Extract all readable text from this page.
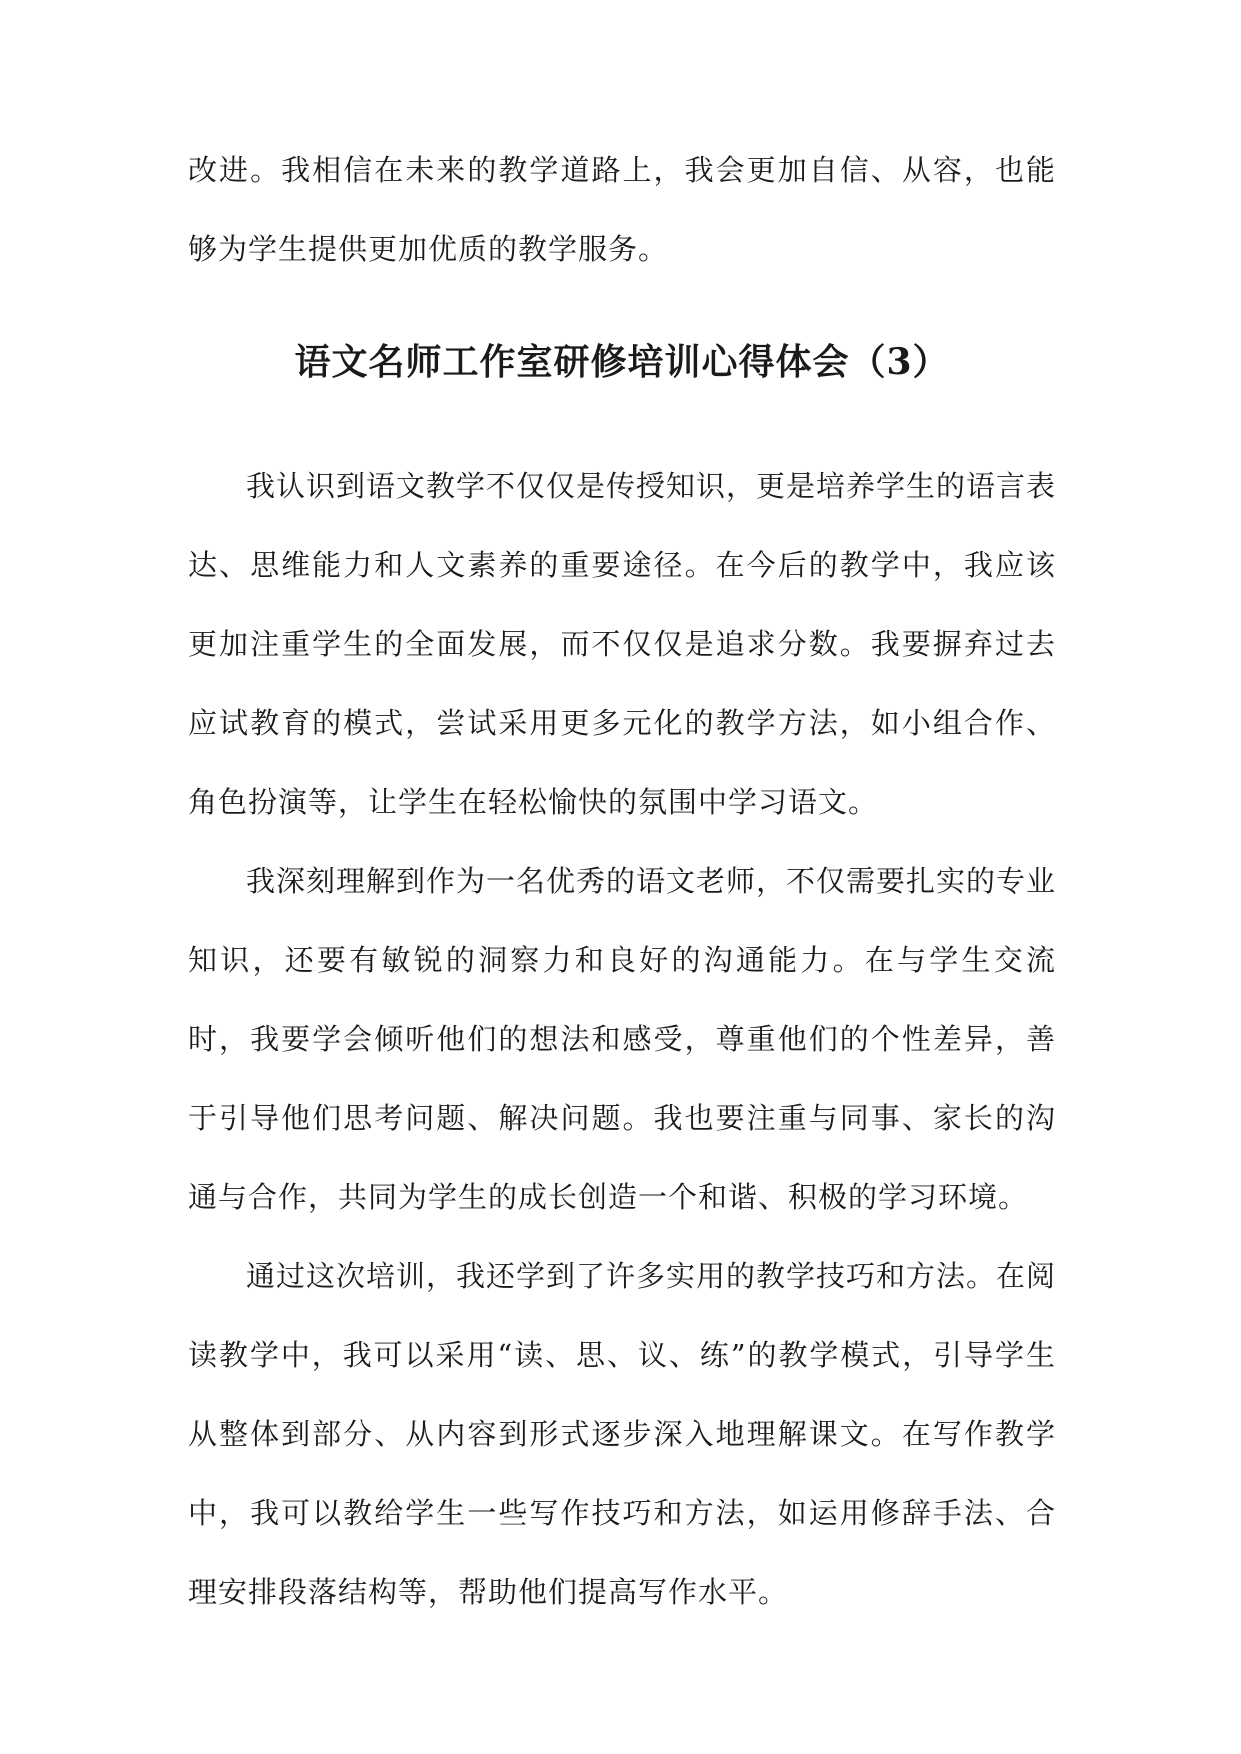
改进。我相信在未来的教学道路上，我会更加自信、从容，也能够为学生提供更加优质的教学服务。

语文名师工作室研修培训心得体会（3）

我认识到语文教学不仅仅是传授知识，更是培养学生的语言表达、思维能力和人文素养的重要途径。在今后的教学中，我应该更加注重学生的全面发展，而不仅仅是追求分数。我要摒弃过去应试教育的模式，尝试采用更多元化的教学方法，如小组合作、角色扮演等，让学生在轻松愉快的氛围中学习语文。

我深刻理解到作为一名优秀的语文老师，不仅需要扎实的专业知识，还要有敏锐的洞察力和良好的沟通能力。在与学生交流时，我要学会倾听他们的想法和感受，尊重他们的个性差异，善于引导他们思考问题、解决问题。我也要注重与同事、家长的沟通与合作，共同为学生的成长创造一个和谐、积极的学习环境。

通过这次培训，我还学到了许多实用的教学技巧和方法。在阅读教学中，我可以采用“读、思、议、练”的教学模式，引导学生从整体到部分、从内容到形式逐步深入地理解课文。在写作教学中，我可以教给学生一些写作技巧和方法，如运用修辞手法、合理安排段落结构等，帮助他们提高写作水平。
